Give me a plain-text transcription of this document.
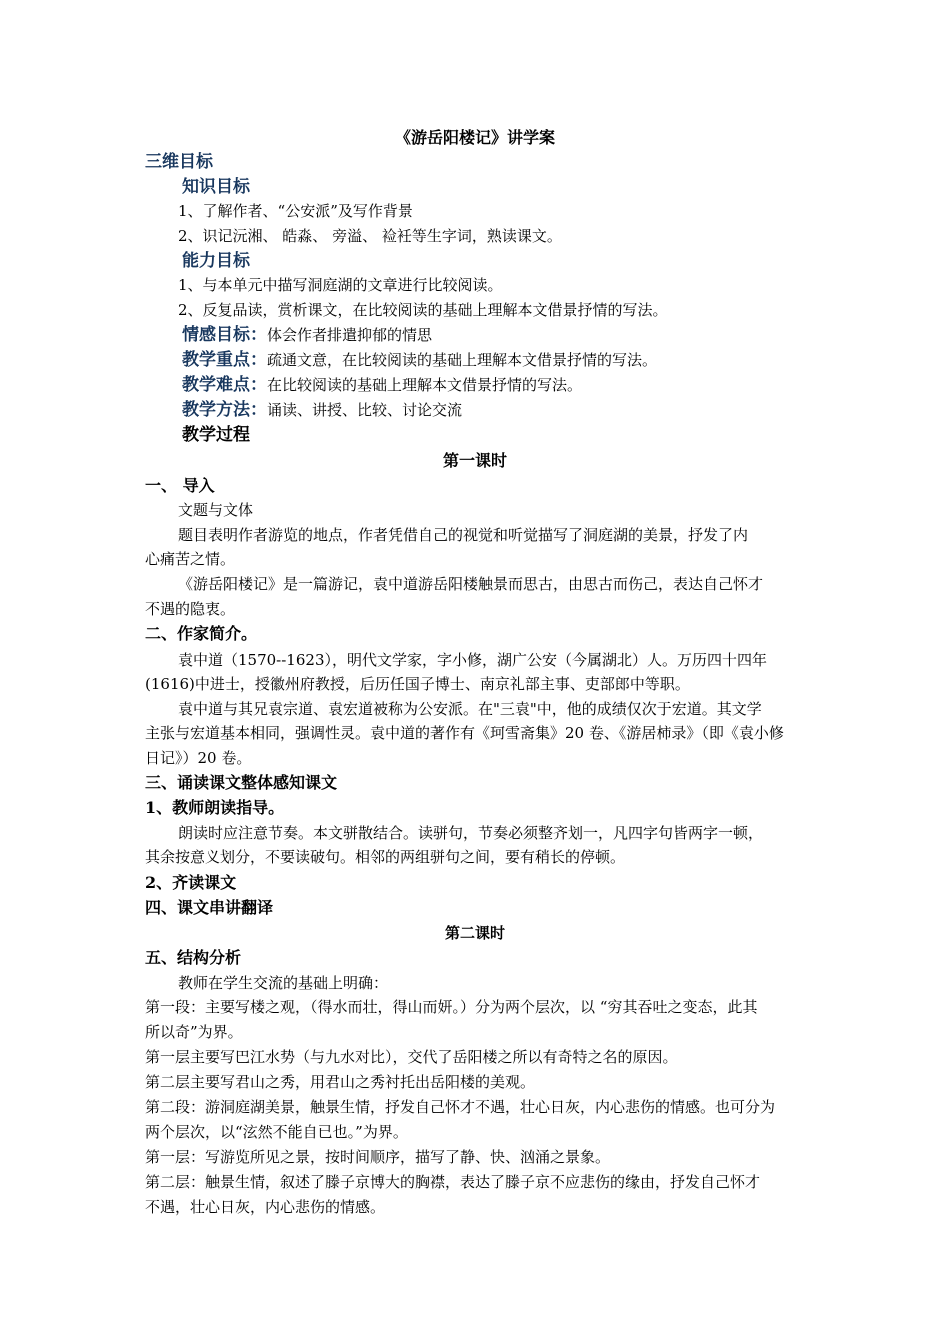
《游岳阳楼记》讲学案
三维目标
知识目标
1、了解作者、“公安派”及写作背景
2、识记沅湘、 皓淼、 旁溢、 裣衽等生字词，熟读课文。
能力目标
1、与本单元中描写洞庭湖的文章进行比较阅读。
2、反复品读，赏析课文，在比较阅读的基础上理解本文借景抒情的写法。
情感目标：体会作者排遣抑郁的情思
教学重点：疏通文意，在比较阅读的基础上理解本文借景抒情的写法。
教学难点：在比较阅读的基础上理解本文借景抒情的写法。
教学方法：诵读、讲授、比较、讨论交流
教学过程
第一课时
一、 导入
文题与文体
题目表明作者游览的地点，作者凭借自己的视觉和听觉描写了洞庭湖的美景，抒发了内
心痛苦之情。
《游岳阳楼记》是一篇游记，袁中道游岳阳楼触景而思古，由思古而伤己，表达自己怀才
不遇的隐衷。
二、作家简介。
袁中道（1570--1623），明代文学家，字小修，湖广公安（今属湖北）人。万历四十四年
(1616)中进士，授徽州府教授，后历任国子博士、南京礼部主事、吏部郎中等职。
袁中道与其兄袁宗道、袁宏道被称为公安派。在"三袁"中，他的成绩仅次于宏道。其文学
主张与宏道基本相同，强调性灵。袁中道的著作有《珂雪斋集》20 卷、《游居柿录》（即《袁小修
日记》）20 卷。
三、诵读课文整体感知课文
1、教师朗读指导。
朗读时应注意节奏。本文骈散结合。读骈句，节奏必须整齐划一，凡四字句皆两字一顿，
其余按意义划分，不要读破句。相邻的两组骈句之间，要有稍长的停顿。
2、齐读课文
四、课文串讲翻译
第二课时
五、结构分析
教师在学生交流的基础上明确：
第一段：主要写楼之观，（得水而壮，得山而妍。）分为两个层次，以 “穷其吞吐之变态，此其
所以奇”为界。
第一层主要写巴江水势（与九水对比），交代了岳阳楼之所以有奇特之名的原因。
第二层主要写君山之秀，用君山之秀衬托出岳阳楼的美观。
第二段：游洞庭湖美景，触景生情，抒发自己怀才不遇，壮心日灰，内心悲伤的情感。也可分为
两个层次，以“泫然不能自已也。”为界。
第一层：写游览所见之景，按时间顺序，描写了静、快、汹涌之景象。
第二层：触景生情，叙述了滕子京博大的胸襟，表达了滕子京不应悲伤的缘由，抒发自己怀才
不遇，壮心日灰，内心悲伤的情感。
